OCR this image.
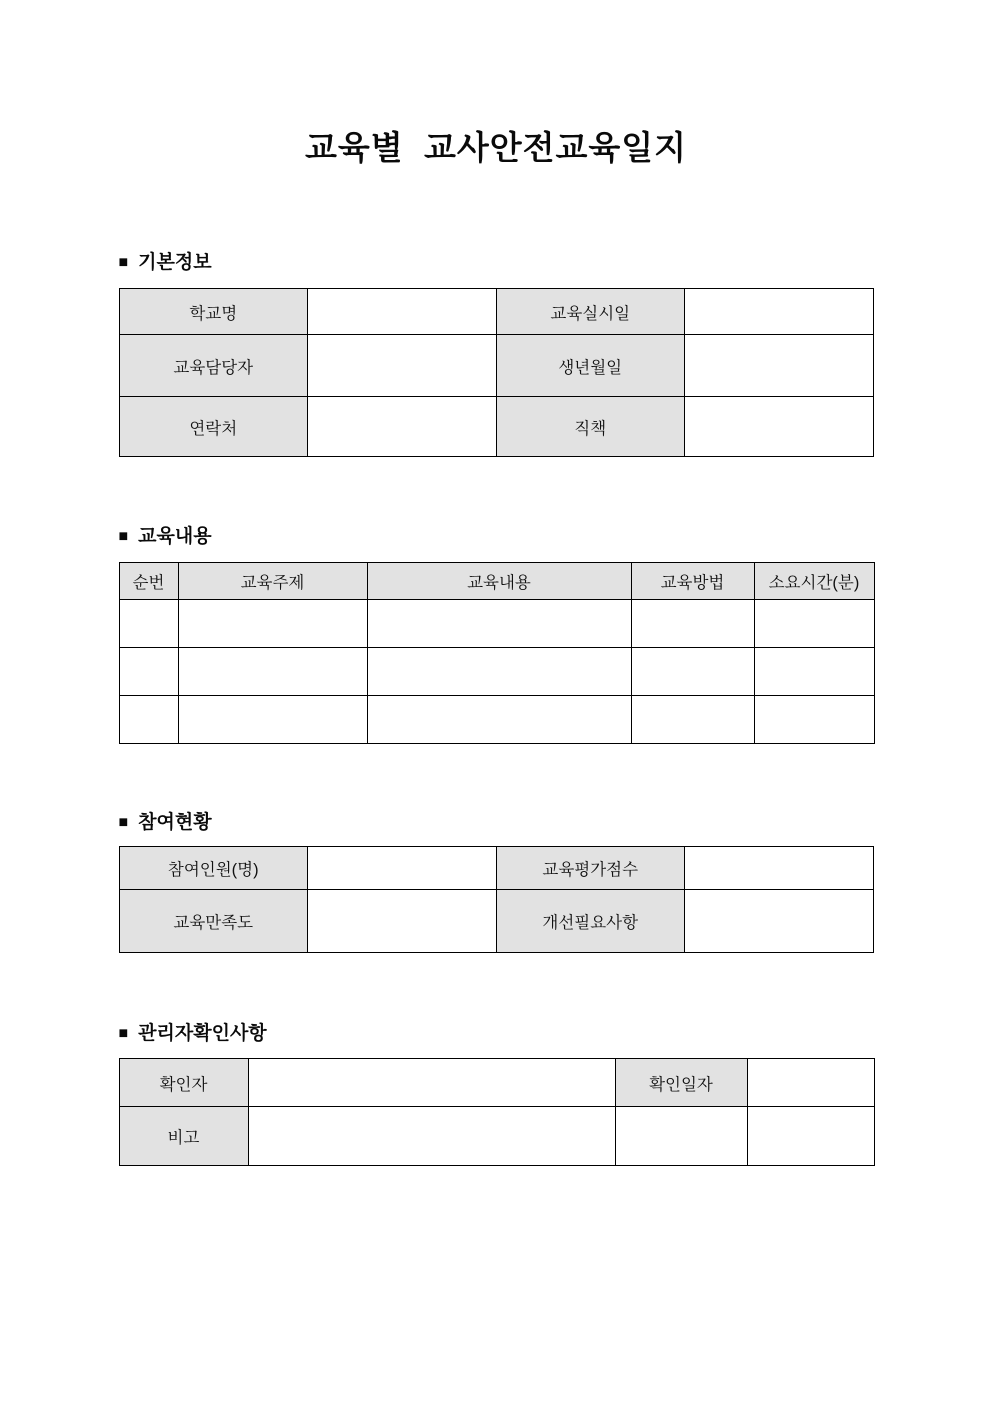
교육별  교사안전교육일지
■ 기본정보
학교명		교육실시일	
교육담당자		생년월일	
연락처		직책	
■ 교육내용
순번	교육주제	교육내용	교육방법	소요시간(분)

■ 참여현황
참여인원(명)		교육평가점수	
교육만족도		개선필요사항	
■ 관리자확인사항
확인자		확인일자	
비고			
